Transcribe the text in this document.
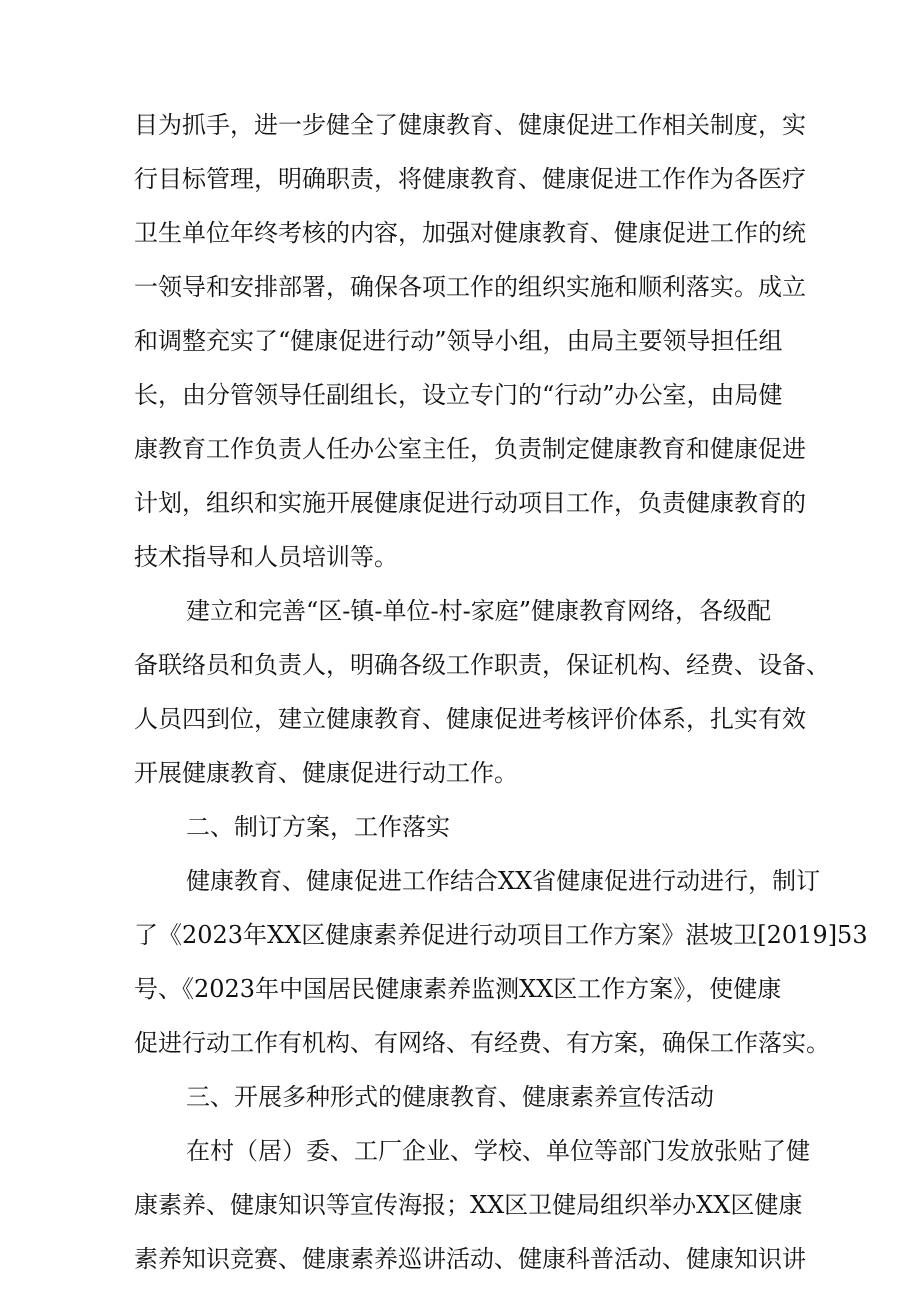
目为抓手，进一步健全了健康教育、健康促进工作相关制度，实

行目标管理，明确职责，将健康教育、健康促进工作作为各医疗

卫生单位年终考核的内容，加强对健康教育、健康促进工作的统

一领导和安排部署，确保各项工作的组织实施和顺利落实。成立

和调整充实了“健康促进行动”领导小组，由局主要领导担任组

长，由分管领导任副组长，设立专门的“行动”办公室，由局健

康教育工作负责人任办公室主任，负责制定健康教育和健康促进

计划，组织和实施开展健康促进行动项目工作，负责健康教育的

技术指导和人员培训等。

建立和完善“区-镇-单位-村-家庭”健康教育网络，各级配

备联络员和负责人，明确各级工作职责，保证机构、经费、设备、

人员四到位，建立健康教育、健康促进考核评价体系，扎实有效

开展健康教育、健康促进行动工作。

二、制订方案，工作落实

健康教育、健康促进工作结合XX省健康促进行动进行，制订

了《2023年XX区健康素养促进行动项目工作方案》湛坡卫[2019]53

号、《2023年中国居民健康素养监测XX区工作方案》，使健康

促进行动工作有机构、有网络、有经费、有方案，确保工作落实。

三、开展多种形式的健康教育、健康素养宣传活动

在村（居）委、工厂企业、学校、单位等部门发放张贴了健

康素养、健康知识等宣传海报；XX区卫健局组织举办XX区健康

素养知识竞赛、健康素养巡讲活动、健康科普活动、健康知识讲
